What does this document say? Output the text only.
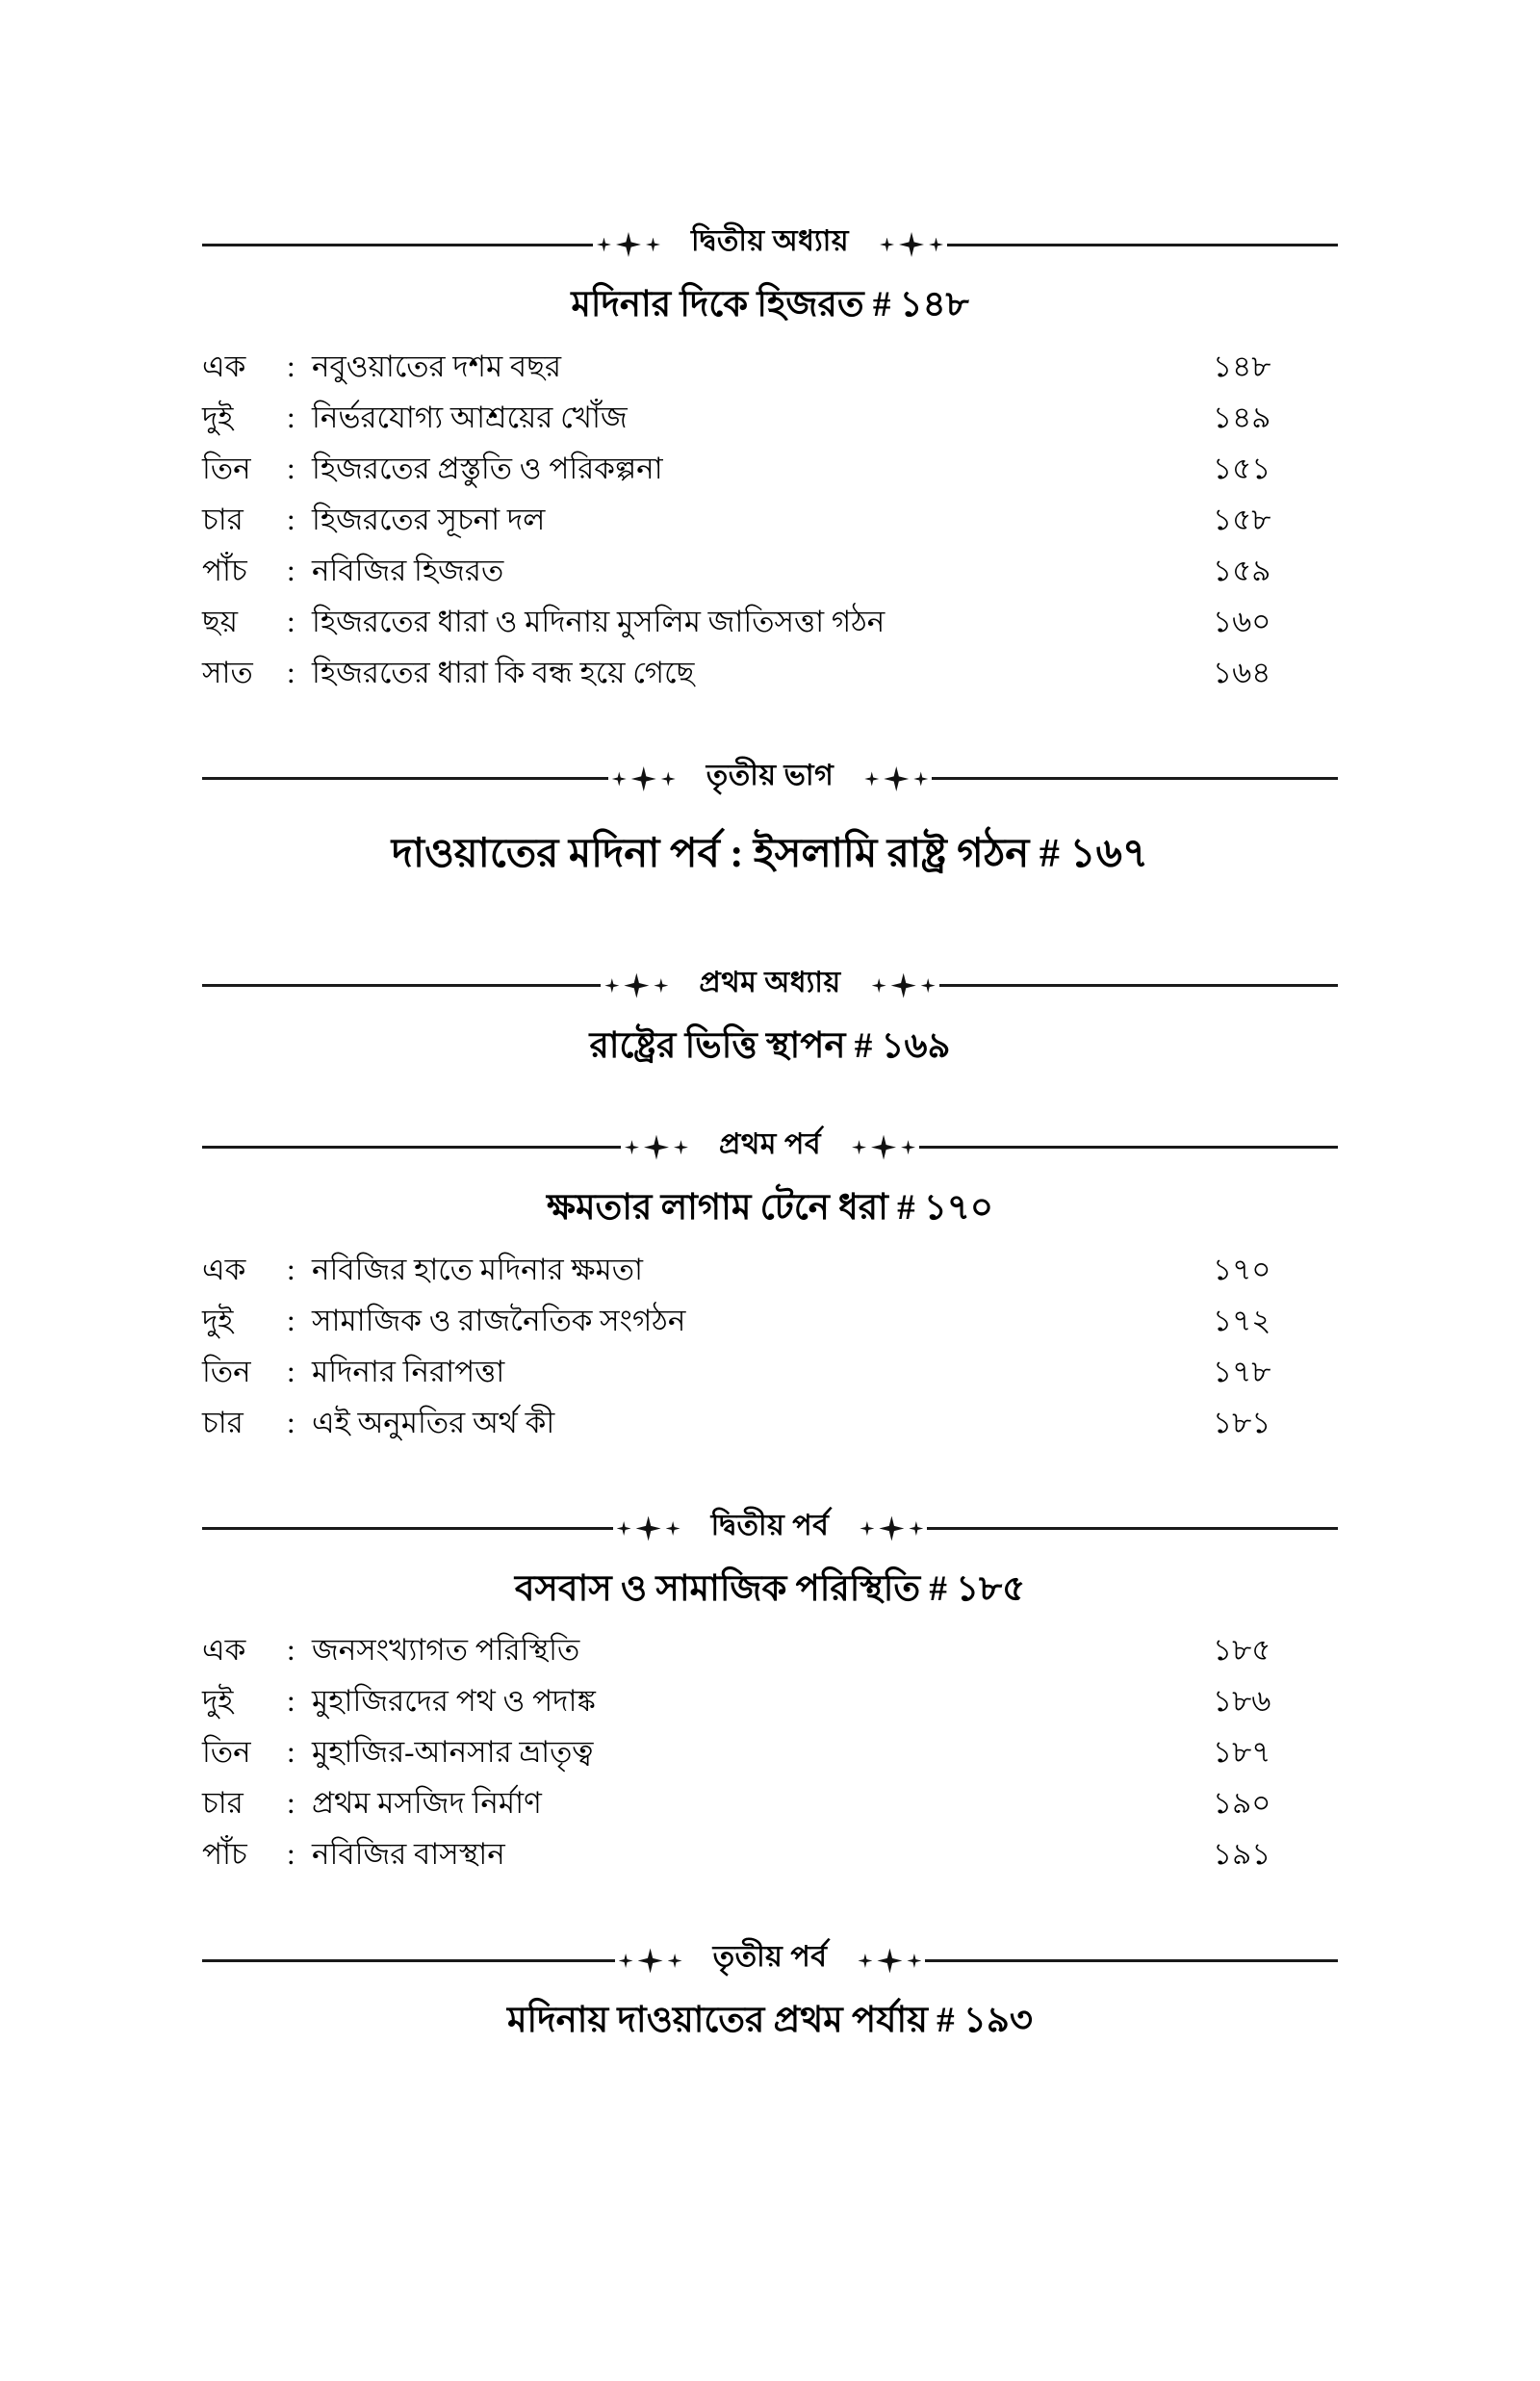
দ্বিতীয় অধ্যায়
মদিনার দিকে হিজরত # ১৪৮
এক	: নবুওয়াতের দশম বছর	১৪৮
দুই	: নির্ভরযোগ্য আশ্রয়ের খোঁজ	১৪৯
তিন	: হিজরতের প্রস্তুতি ও পরিকল্পনা	১৫১
চার	: হিজরতের সূচনা দল	১৫৮
পাঁচ	: নবিজির হিজরত	১৫৯
ছয়	: হিজরতের ধারা ও মদিনায় মুসলিম জাতিসত্তা গঠন	১৬০
সাত	: হিজরতের ধারা কি বন্ধ হয়ে গেছে	১৬৪
তৃতীয় ভাগ
দাওয়াতের মদিনা পর্ব : ইসলামি রাষ্ট্র গঠন # ১৬৭
প্রথম অধ্যায়
রাষ্ট্রের ভিত্তি স্থাপন # ১৬৯
প্রথম পর্ব
ক্ষমতার লাগাম টেনে ধরা # ১৭০
এক	: নবিজির হাতে মদিনার ক্ষমতা	১৭০
দুই	: সামাজিক ও রাজনৈতিক সংগঠন	১৭২
তিন	: মদিনার নিরাপত্তা	১৭৮
চার	: এই অনুমতির অর্থ কী	১৮১
দ্বিতীয় পর্ব
বসবাস ও সামাজিক পরিস্থিতি # ১৮৫
এক	: জনসংখ্যাগত পরিস্থিতি	১৮৫
দুই	: মুহাজিরদের পথ ও পদাঙ্ক	১৮৬
তিন	: মুহাজির-আনসার ভ্রাতৃত্ব	১৮৭
চার	: প্রথম মসজিদ নির্মাণ	১৯০
পাঁচ	: নবিজির বাসস্থান	১৯১
তৃতীয় পর্ব
মদিনায় দাওয়াতের প্রথম পর্যায় # ১৯৩
